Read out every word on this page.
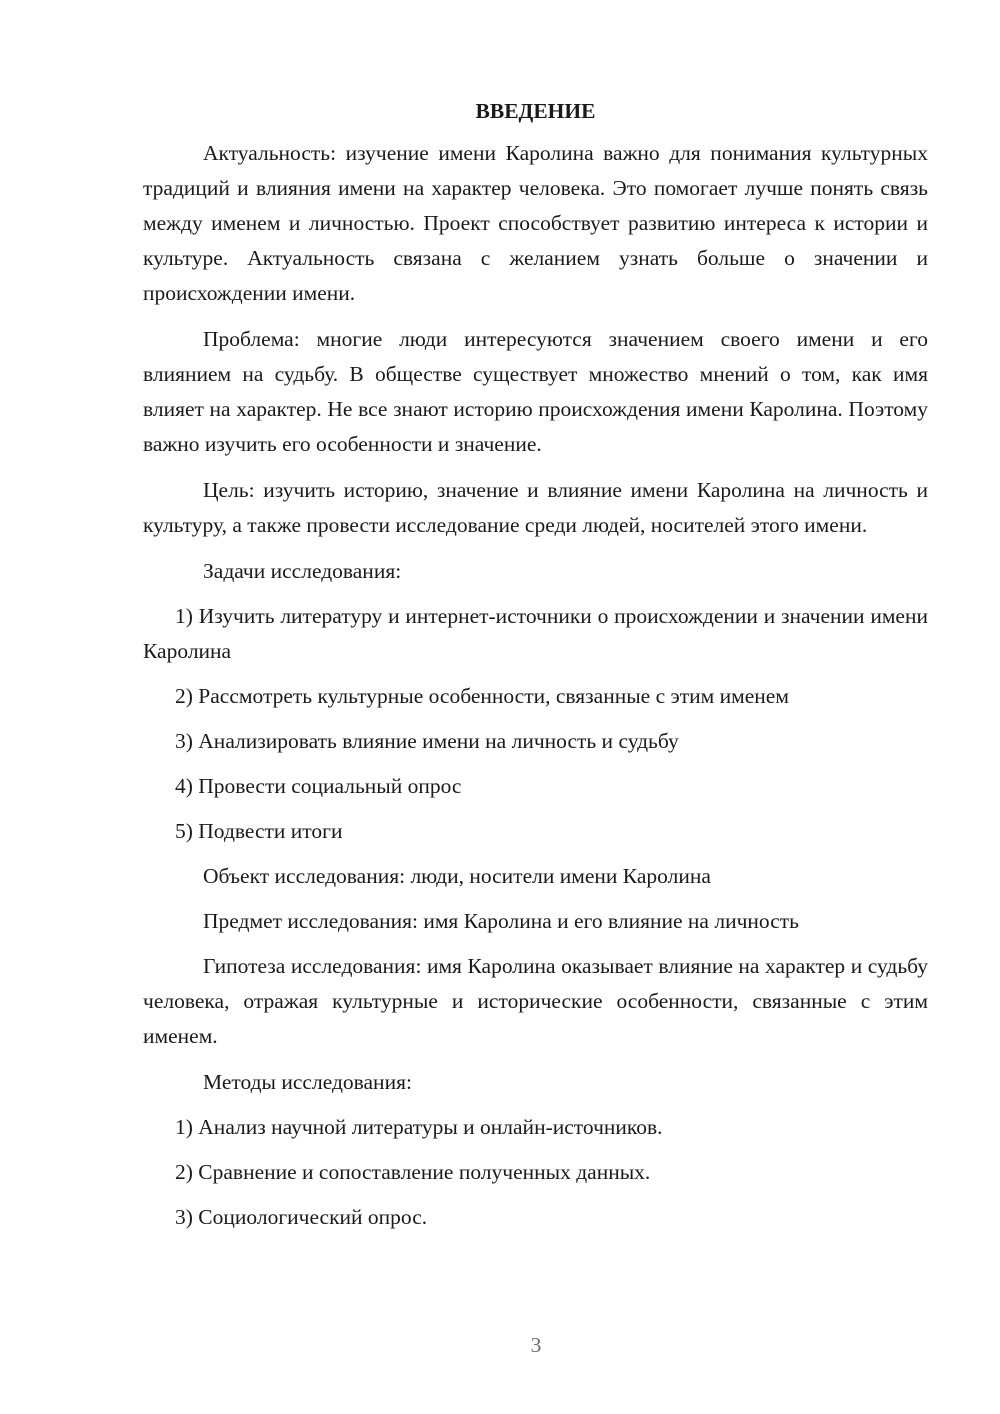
ВВЕДЕНИЕ

Актуальность: изучение имени Каролина важно для понимания культурных традиций и влияния имени на характер человека. Это помогает лучше понять связь между именем и личностью. Проект способствует развитию интереса к истории и культуре. Актуальность связана с желанием узнать больше о значении и происхождении имени.

Проблема: многие люди интересуются значением своего имени и его влиянием на судьбу. В обществе существует множество мнений о том, как имя влияет на характер. Не все знают историю происхождения имени Каролина. Поэтому важно изучить его особенности и значение.

Цель: изучить историю, значение и влияние имени Каролина на личность и культуру, а также провести исследование среди людей, носителей этого имени.

Задачи исследования:
1) Изучить литературу и интернет-источники о происхождении и значении имени Каролина
2) Рассмотреть культурные особенности, связанные с этим именем
3) Анализировать влияние имени на личность и судьбу
4) Провести социальный опрос
5) Подвести итоги
Объект исследования: люди, носители имени Каролина
Предмет исследования: имя Каролина и его влияние на личность

Гипотеза исследования: имя Каролина оказывает влияние на характер и судьбу человека, отражая культурные и исторические особенности, связанные с этим именем.

Методы исследования:
1) Анализ научной литературы и онлайн-источников.
2) Сравнение и сопоставление полученных данных.
3) Социологический опрос.
3
